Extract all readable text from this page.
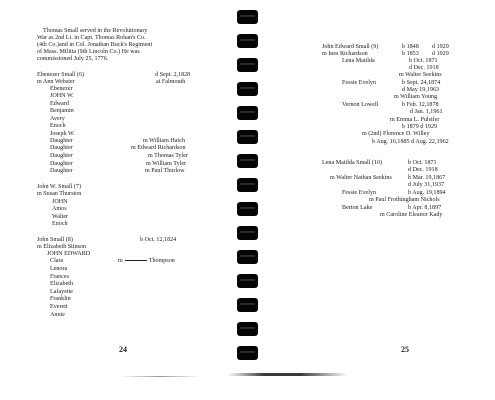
Thomas Small served in the Revolutionary
War as 2nd Lt. in Capt. Thomas Rohan's Co.
(4th Co.)and in Col. Jonathan Buck's Regiment
of Mass. Militia (9th Lincoln Co.) He was
commissioned July 25, 1776.
Ebenezer Small (6)	d Sept. 2,1828
m Ann Webster	at Falmouth
Ebenezer
JOHN W.
Edward
Benjamin
Avery
Enoch
Joseph W.
Daughter	m William Hatch
Daughter	m Edward Richardson
Daughter	m Thomas Tyler
Daughter	m William Tyler
Daughter	m Paul Thurlow
John W. Small (7)
m Susan Thurston
JOHN
Amos
Walter
Enoch
John Small (8)	b Oct. 12,1824
m Elizabeth Stinson
JOHN EDWARD
Clara	m	Thompson
Lenora
Frances
Elizabeth
Lafayette
Franklin
Everett
Annie
24
John Edward Small (9)	b 1848 d 1929
m Ines Richardson	b 1853 d 1929
Lena Matilda	b Oct. 1871
d Dec. 1918
m Walter Seekins
Fessie Evelyn	b Sept. 24,1874
d May 19,1963
m William Young
Vernon Lowell	b Feb. 12,1878
d Jan. 1,1961
m Emma L. Pulsifer
b 1879 d 1929
m (2nd) Florence D. Willey
b Aug. 16,1885 d Aug. 22,1962
Lena Matilda Small (10)	b Oct. 1871
d Dec. 1918
m Walter Nathan Seekins	b Mar. 19,1867
d July 31,1937
Fessie Evelyn	b Aug. 19,1894
m Paul Frothingham Nichols
Berton Lake	b Apr. 8,1897
m Caroline Eleanor Kady
25
